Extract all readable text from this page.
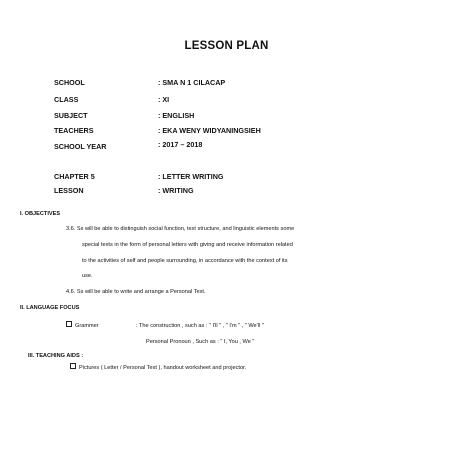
LESSON PLAN
SCHOOL	: SMA N 1 CILACAP
CLASS	: XI
SUBJECT	: ENGLISH
TEACHERS	: EKA WENY WIDYANINGSIEH
SCHOOL YEAR	: 2017 – 2018
CHAPTER 5	: LETTER WRITING
LESSON	: WRITING
I. OBJECTIVES
3.6. Ss will be able to distinguish social function, text structure, and linguistic elements some
special texts in the form of personal letters with giving and receive information related
to the activities of self and people surrounding, in accordance with the context of its
use.
4.6. Ss will be able to write and arrange a Personal Text.
II. LANGUAGE FOCUS
Grammer	: The construction , such as : " I'll " , " I'm " , " We'll "
Personal Pronoun , Such as : " I, You , We "
III. TEACHING AIDS :
Pictures ( Letter / Personal Text ), handout worksheet and projector.
